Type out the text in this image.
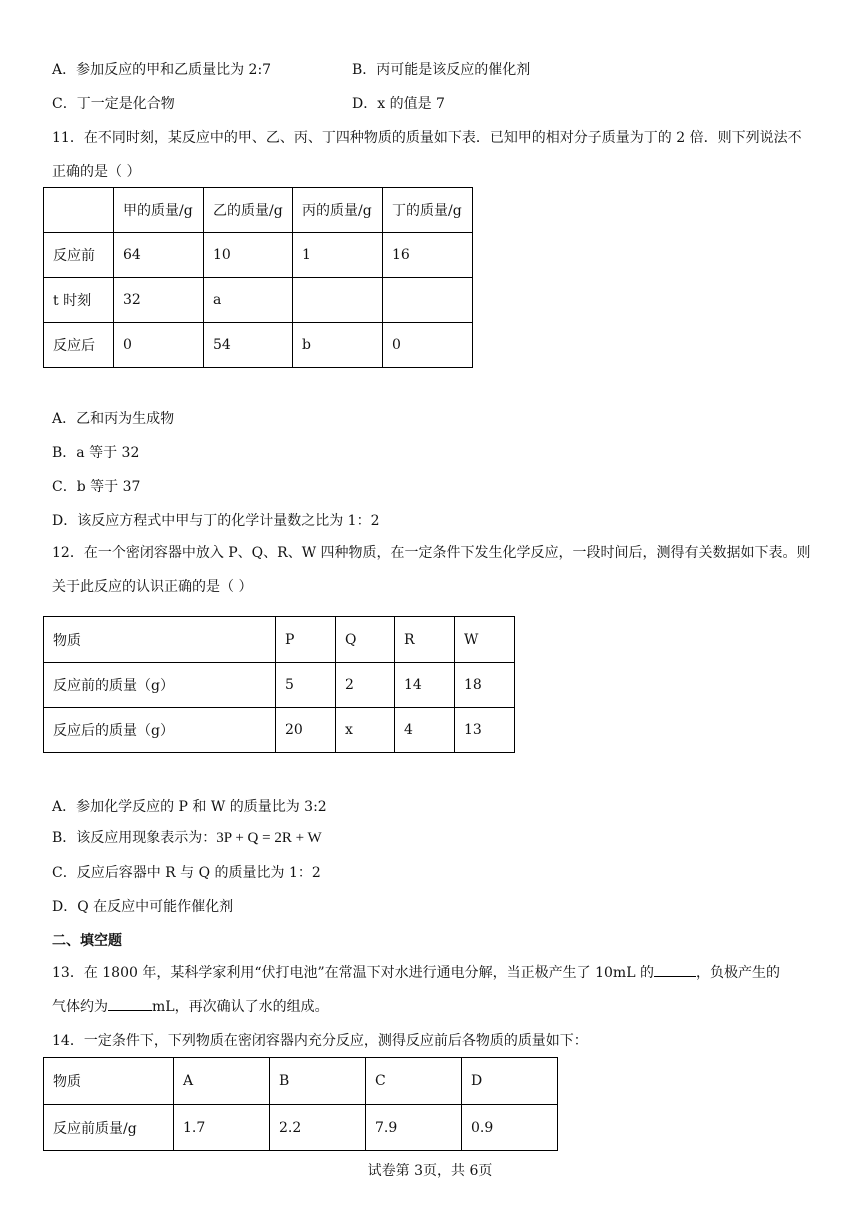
A．参加反应的甲和乙质量比为 2:7	B．丙可能是该反应的催化剂
C．丁一定是化合物	D．x 的值是 7
11．在不同时刻，某反应中的甲、乙、丙、丁四种物质的质量如下表．已知甲的相对分子质量为丁的 2 倍．则下列说法不正确的是（ ）
	甲的质量/g	乙的质量/g	丙的质量/g	丁的质量/g
反应前	64	10	1	16
t 时刻	32	a		
反应后	0	54	b	0
A．乙和丙为生成物
B．a 等于 32
C．b 等于 37
D．该反应方程式中甲与丁的化学计量数之比为 1：2
12．在一个密闭容器中放入 P、Q、R、W 四种物质，在一定条件下发生化学反应，一段时间后，测得有关数据如下表。则关于此反应的认识正确的是（ ）
物质	P	Q	R	W
反应前的质量（g）	5	2	14	18
反应后的质量（g）	20	x	4	13
A．参加化学反应的 P 和 W 的质量比为 3:2
B．该反应用现象表示为：3P + Q = 2R + W
C．反应后容器中 R 与 Q 的质量比为 1：2
D．Q 在反应中可能作催化剂
二、填空题
13．在 1800 年，某科学家利用“伏打电池”在常温下对水进行通电分解，当正极产生了 10mL 的	，负极产生的
气体约为	mL，再次确认了水的组成。
14．一定条件下，下列物质在密闭容器内充分反应，测得反应前后各物质的质量如下：
物质	A	B	C	D
反应前质量/g	1.7	2.2	7.9	0.9
试卷第 3页，共 6页
